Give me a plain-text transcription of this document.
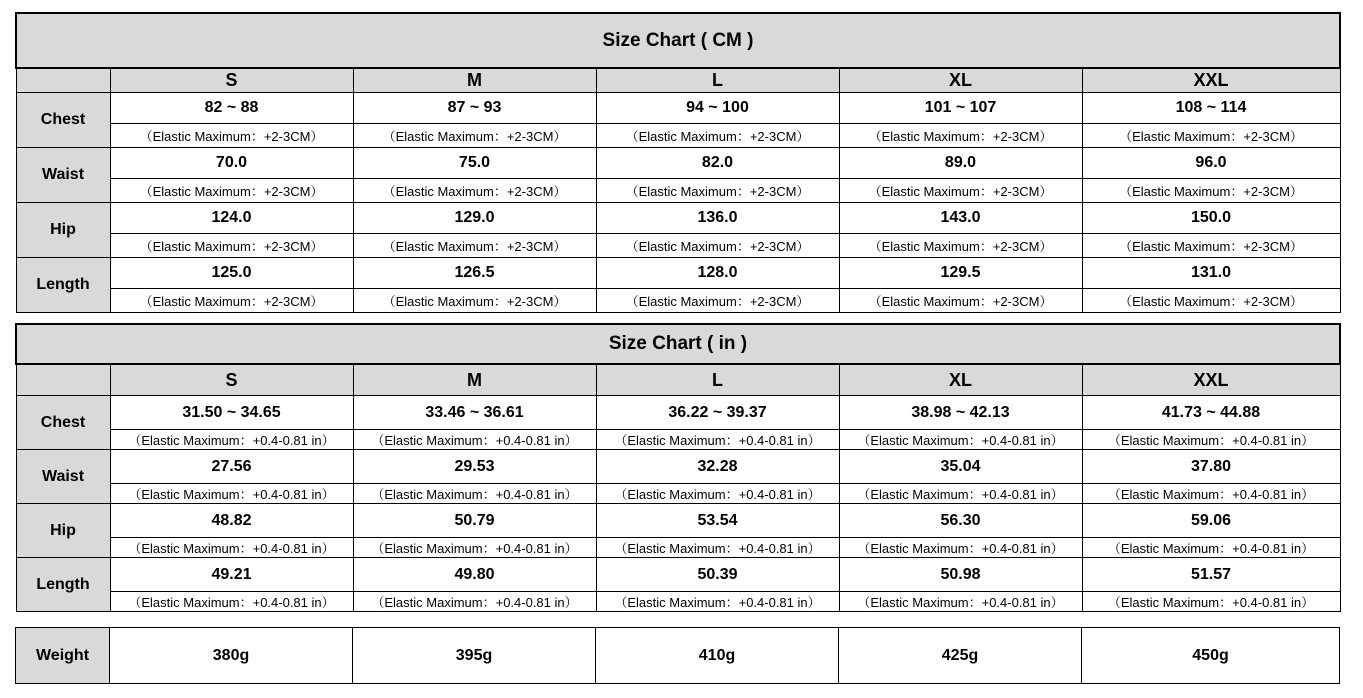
Size Chart ( CM )					
	S	M	L	XL	XXL
Chest	82 ~ 88	87 ~ 93	94 ~ 100	101 ~ 107	108 ~ 114
	（Elastic Maximum：+2-3CM）	（Elastic Maximum：+2-3CM）	（Elastic Maximum：+2-3CM）	（Elastic Maximum：+2-3CM）	（Elastic Maximum：+2-3CM）
Waist	70.0	75.0	82.0	89.0	96.0
	（Elastic Maximum：+2-3CM）	（Elastic Maximum：+2-3CM）	（Elastic Maximum：+2-3CM）	（Elastic Maximum：+2-3CM）	（Elastic Maximum：+2-3CM）
Hip	124.0	129.0	136.0	143.0	150.0
	（Elastic Maximum：+2-3CM）	（Elastic Maximum：+2-3CM）	（Elastic Maximum：+2-3CM）	（Elastic Maximum：+2-3CM）	（Elastic Maximum：+2-3CM）
Length	125.0	126.5	128.0	129.5	131.0
	（Elastic Maximum：+2-3CM）	（Elastic Maximum：+2-3CM）	（Elastic Maximum：+2-3CM）	（Elastic Maximum：+2-3CM）	（Elastic Maximum：+2-3CM）
Size Chart ( in )					
	S	M	L	XL	XXL
Chest	31.50 ~ 34.65	33.46 ~ 36.61	36.22 ~ 39.37	38.98 ~ 42.13	41.73 ~ 44.88
	（Elastic Maximum：+0.4-0.81 in）	（Elastic Maximum：+0.4-0.81 in）	（Elastic Maximum：+0.4-0.81 in）	（Elastic Maximum：+0.4-0.81 in）	（Elastic Maximum：+0.4-0.81 in）
Waist	27.56	29.53	32.28	35.04	37.80
	（Elastic Maximum：+0.4-0.81 in）	（Elastic Maximum：+0.4-0.81 in）	（Elastic Maximum：+0.4-0.81 in）	（Elastic Maximum：+0.4-0.81 in）	（Elastic Maximum：+0.4-0.81 in）
Hip	48.82	50.79	53.54	56.30	59.06
	（Elastic Maximum：+0.4-0.81 in）	（Elastic Maximum：+0.4-0.81 in）	（Elastic Maximum：+0.4-0.81 in）	（Elastic Maximum：+0.4-0.81 in）	（Elastic Maximum：+0.4-0.81 in）
Length	49.21	49.80	50.39	50.98	51.57
	（Elastic Maximum：+0.4-0.81 in）	（Elastic Maximum：+0.4-0.81 in）	（Elastic Maximum：+0.4-0.81 in）	（Elastic Maximum：+0.4-0.81 in）	（Elastic Maximum：+0.4-0.81 in）
Weight	380g	395g	410g	425g	450g
